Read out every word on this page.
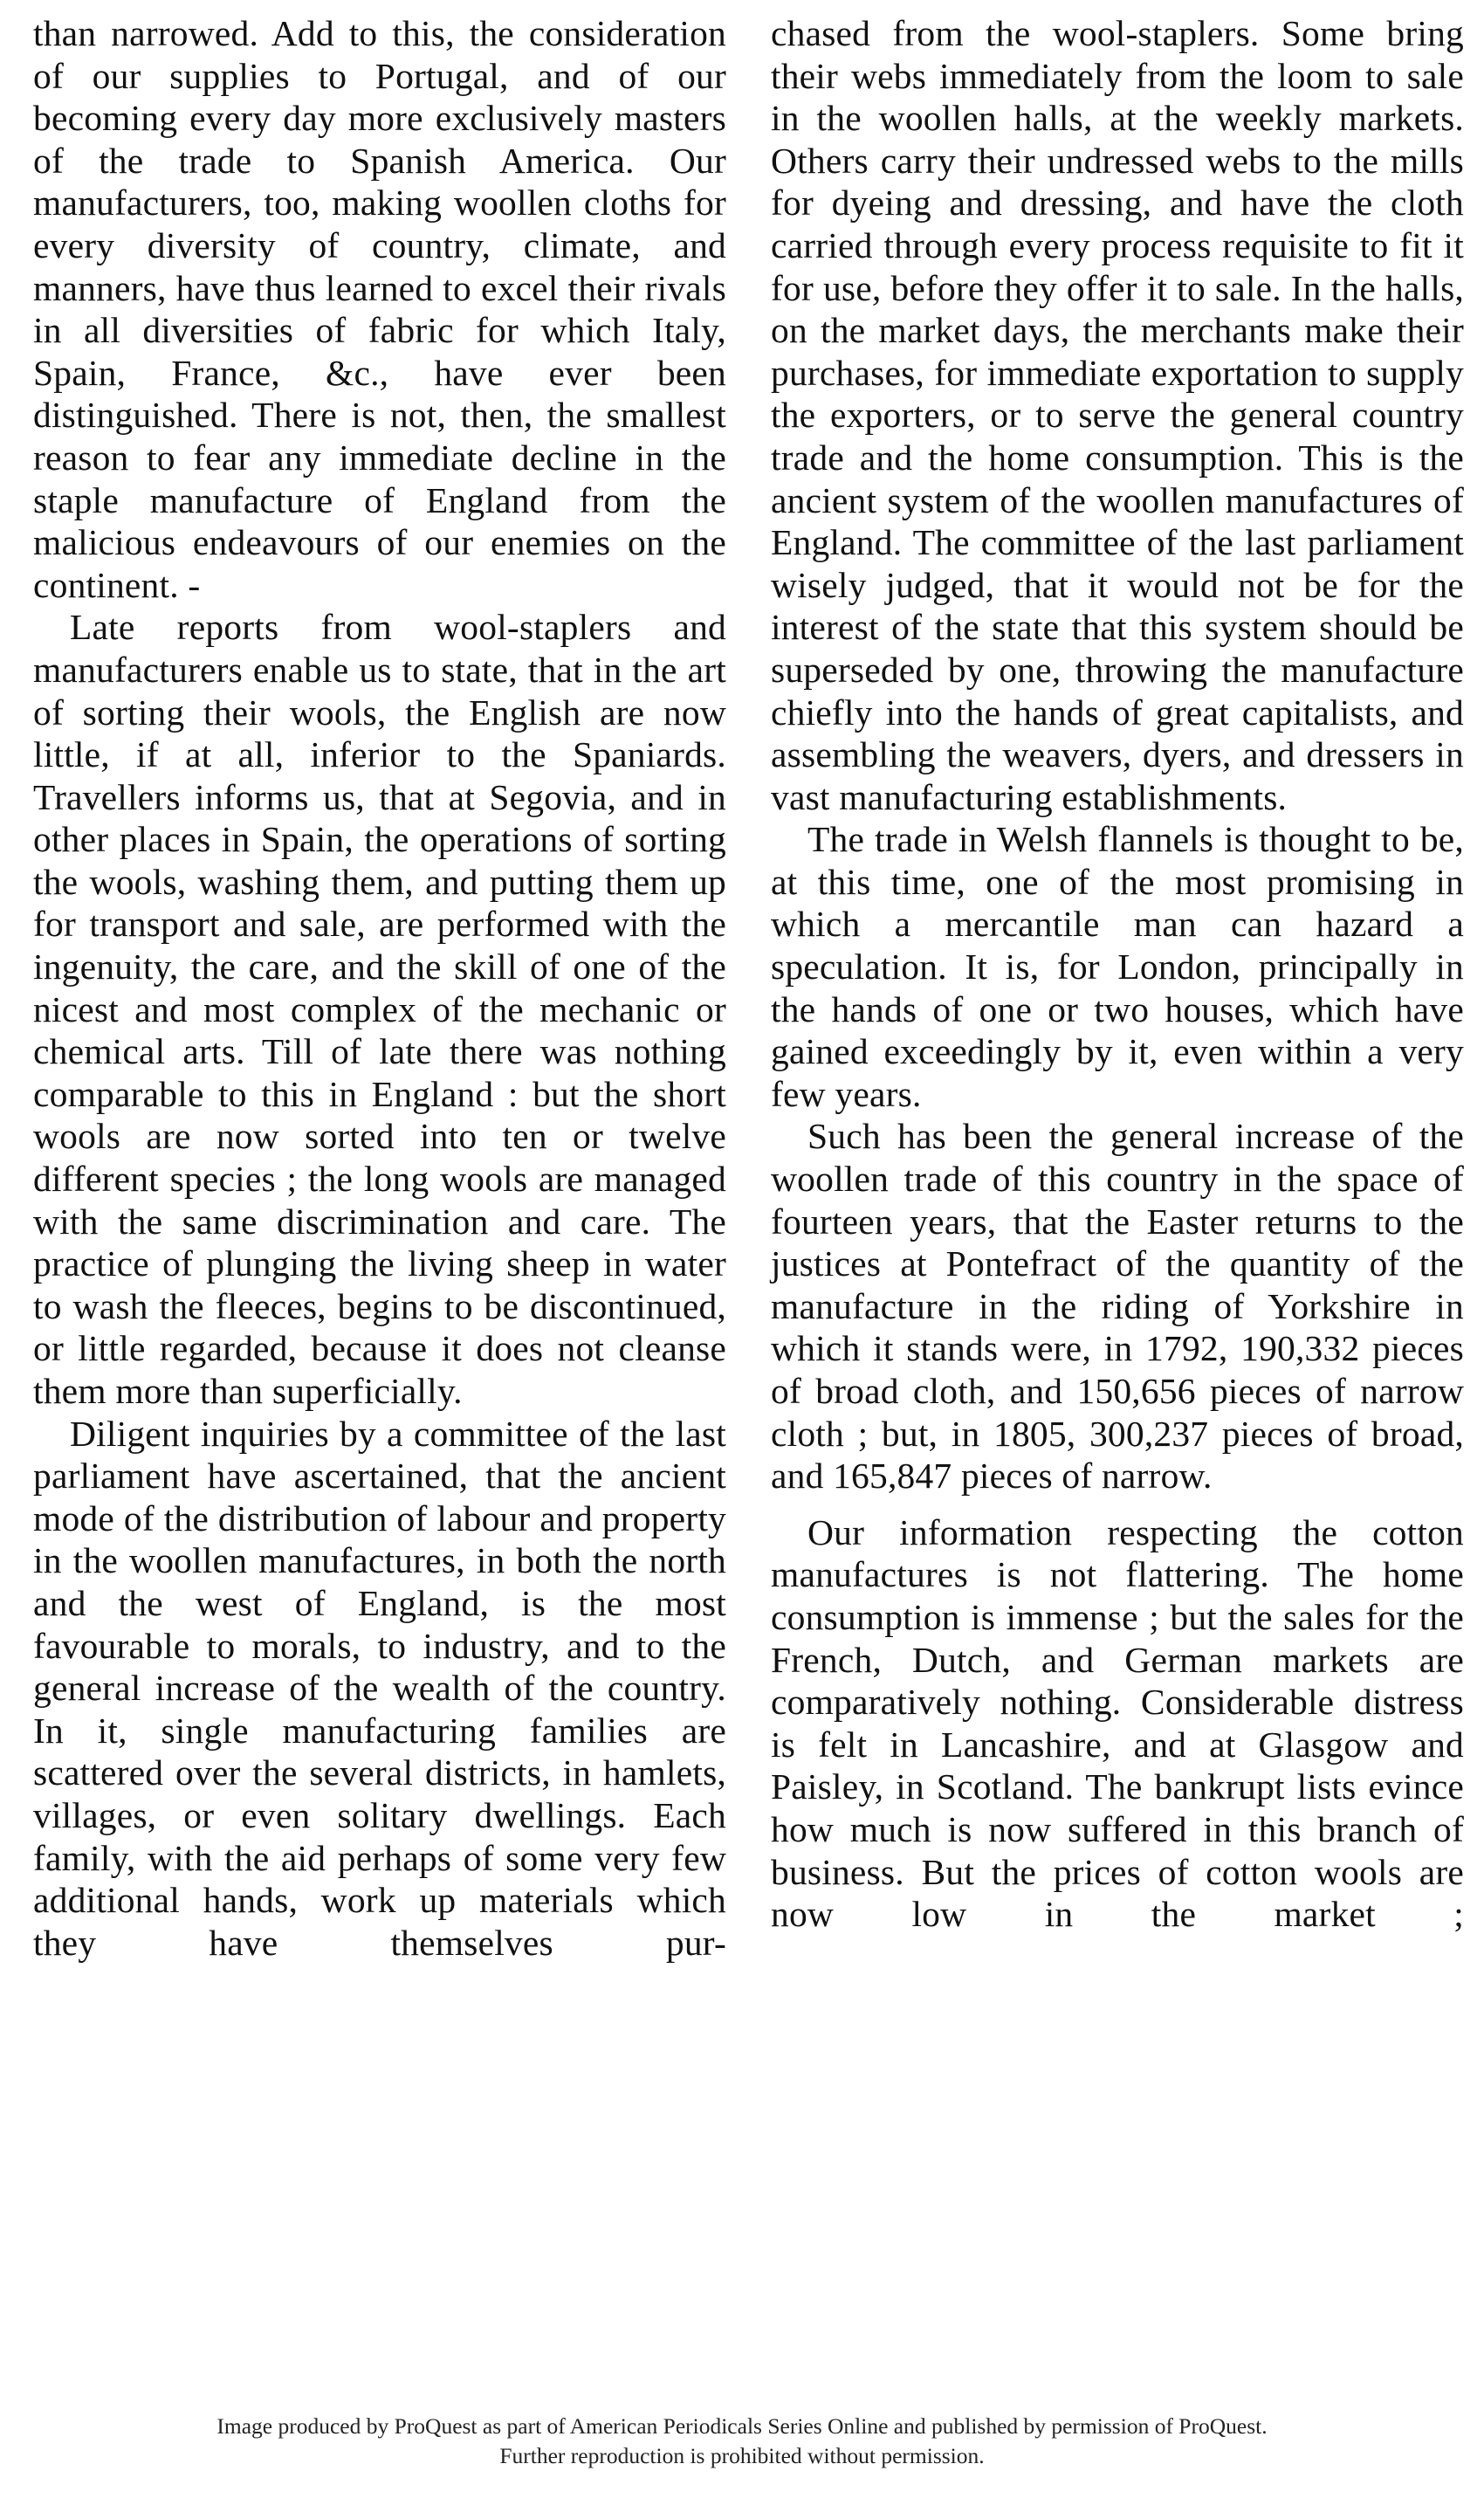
than narrowed. Add to this, the consideration of our supplies to Portugal, and of our becoming every day more exclusively masters of the trade to Spanish America. Our manufacturers, too, making woollen cloths for every diversity of country, climate, and manners, have thus learned to excel their rivals in all diversities of fabric for which Italy, Spain, France, &c., have ever been distinguished. There is not, then, the smallest reason to fear any immediate decline in the staple manufacture of England from the malicious endeavours of our enemies on the continent. -

Late reports from wool-staplers and manufacturers enable us to state, that in the art of sorting their wools, the English are now little, if at all, inferior to the Spaniards. Travellers informs us, that at Segovia, and in other places in Spain, the operations of sorting the wools, washing them, and putting them up for transport and sale, are performed with the ingenuity, the care, and the skill of one of the nicest and most complex of the mechanic or chemical arts. Till of late there was nothing comparable to this in England : but the short wools are now sorted into ten or twelve different species ; the long wools are managed with the same discrimination and care. The practice of plunging the living sheep in water to wash the fleeces, begins to be discontinued, or little regarded, because it does not cleanse them more than superficially.

Diligent inquiries by a committee of the last parliament have ascertained, that the ancient mode of the distribution of labour and property in the woollen manufactures, in both the north and the west of England, is the most favourable to morals, to industry, and to the general increase of the wealth of the country. In it, single manufacturing families are scattered over the several districts, in hamlets, villages, or even solitary dwellings. Each family, with the aid perhaps of some very few additional hands, work up materials which they have themselves pur-

chased from the wool-staplers. Some bring their webs immediately from the loom to sale in the woollen halls, at the weekly markets. Others carry their undressed webs to the mills for dyeing and dressing, and have the cloth carried through every process requisite to fit it for use, before they offer it to sale. In the halls, on the market days, the merchants make their purchases, for immediate exportation to supply the exporters, or to serve the general country trade and the home consumption. This is the ancient system of the woollen manufactures of England. The committee of the last parliament wisely judged, that it would not be for the interest of the state that this system should be superseded by one, throwing the manufacture chiefly into the hands of great capitalists, and assembling the weavers, dyers, and dressers in vast manufacturing establishments.

The trade in Welsh flannels is thought to be, at this time, one of the most promising in which a mercantile man can hazard a speculation. It is, for London, principally in the hands of one or two houses, which have gained exceedingly by it, even within a very few years.

Such has been the general increase of the woollen trade of this country in the space of fourteen years, that the Easter returns to the justices at Pontefract of the quantity of the manufacture in the riding of Yorkshire in which it stands were, in 1792, 190,332 pieces of broad cloth, and 150,656 pieces of narrow cloth ; but, in 1805, 300,237 pieces of broad, and 165,847 pieces of narrow.

Our information respecting the cotton manufactures is not flattering. The home consumption is immense ; but the sales for the French, Dutch, and German markets are comparatively nothing. Considerable distress is felt in Lancashire, and at Glasgow and Paisley, in Scotland. The bankrupt lists evince how much is now suffered in this branch of business. But the prices of cotton wools are now low in the market ;

Image produced by ProQuest as part of American Periodicals Series Online and published by permission of ProQuest.
Further reproduction is prohibited without permission.
